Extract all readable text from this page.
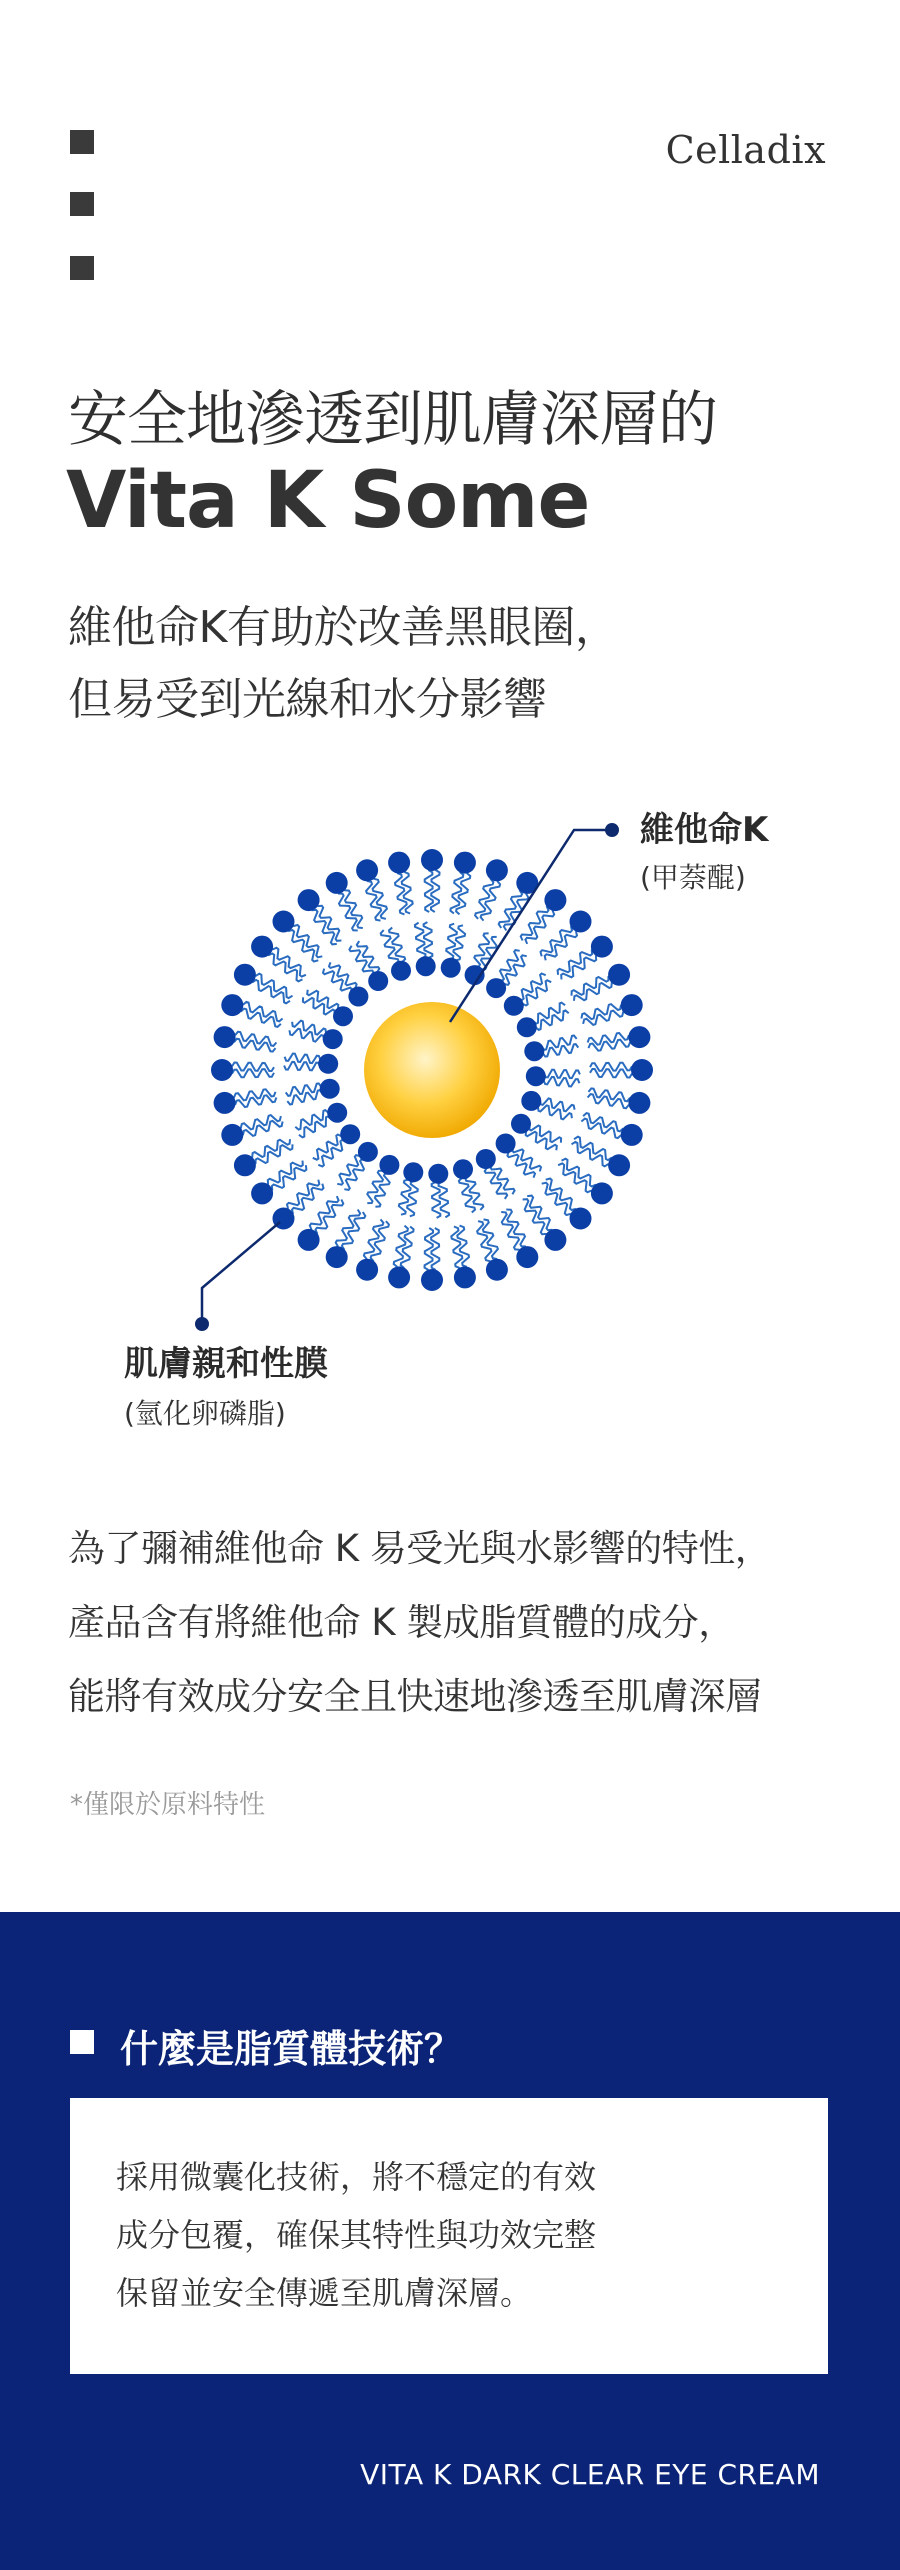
Celladix
安全地滲透到肌膚深層的
Vita K Some
維他命K有助於改善黑眼圈，
但易受到光線和水分影響
維他命K
(甲萘醌)
肌膚親和性膜
(氫化卵磷脂)
為了彌補維他命 K 易受光與水影響的特性，
產品含有將維他命 K 製成脂質體的成分，
能將有效成分安全且快速地滲透至肌膚深層
*僅限於原料特性
什麼是脂質體技術？
採用微囊化技術，將不穩定的有效
成分包覆，確保其特性與功效完整
保留並安全傳遞至肌膚深層。
VITA K DARK CLEAR EYE CREAM
